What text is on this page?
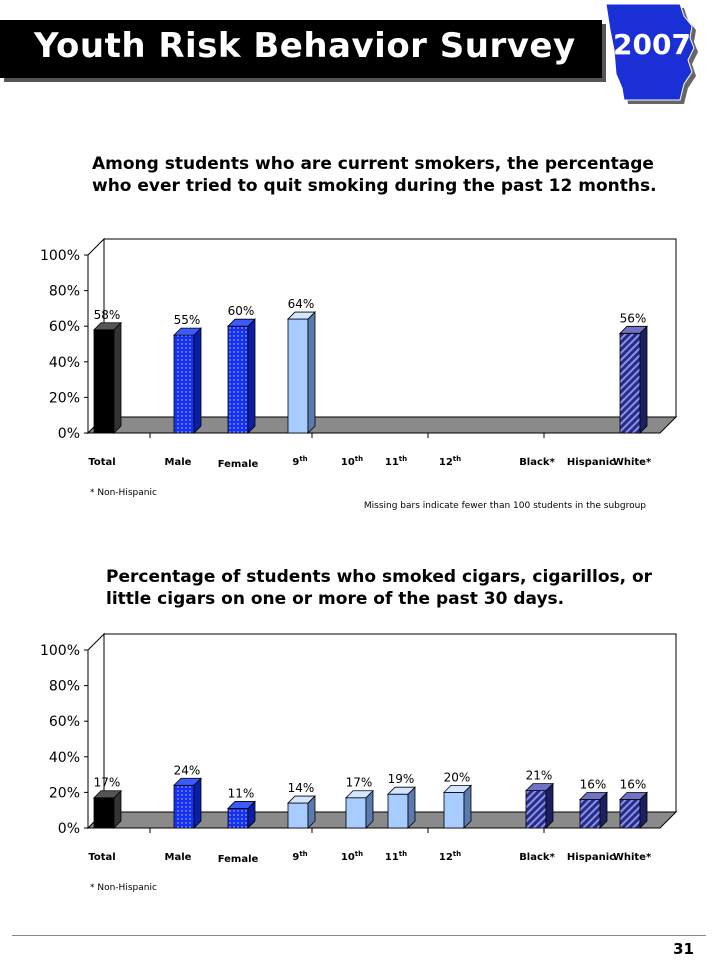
Youth Risk Behavior Survey	2007
Among students who are current smokers, the percentage who ever tried to quit smoking during the past 12 months.
0%
20%
40%
60%
80%
100%
58%	55%
60%
64%
56%
Total	Male	Female	9th	10th 11th	12th	Black* Hispanic
White*
* Non-Hispanic
Missing bars indicate fewer than 100 students in the subgroup
Percentage of students who smoked cigars, cigarillos, or little cigars on one or more of the past 30 days.
0%
20%
40%
60%
80%
100%
17%
24%
11%	14%	17% 19% 20%	21%
16% 16%
Total	Male	Female	9th	10th 11th	12th	Black* Hispanic
White*
* Non-Hispanic
31
